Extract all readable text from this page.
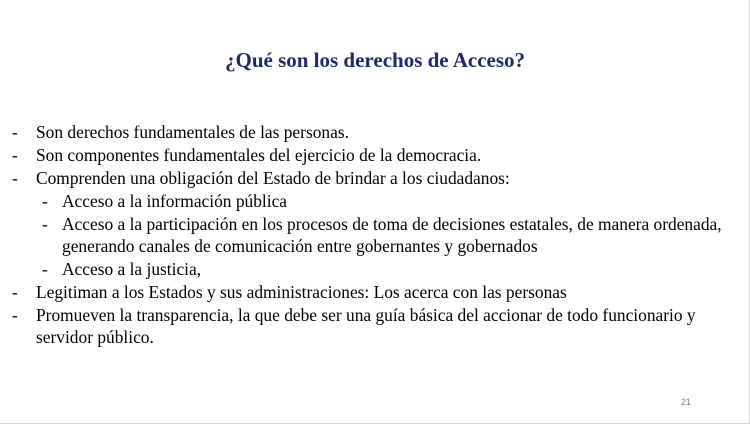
¿Qué son los derechos de Acceso?
- Son derechos fundamentales de las personas.
- Son componentes fundamentales del ejercicio de la democracia.
- Comprenden una obligación del Estado de brindar a los ciudadanos:
- Acceso a la información pública
- Acceso a la participación en los procesos de toma de decisiones estatales, de manera ordenada, generando canales de comunicación entre gobernantes y gobernados
- Acceso a la justicia,
- Legitiman a los Estados y sus administraciones: Los acerca con las personas
- Promueven la transparencia, la que debe ser una guía básica del accionar de todo funcionario y servidor público.
21
